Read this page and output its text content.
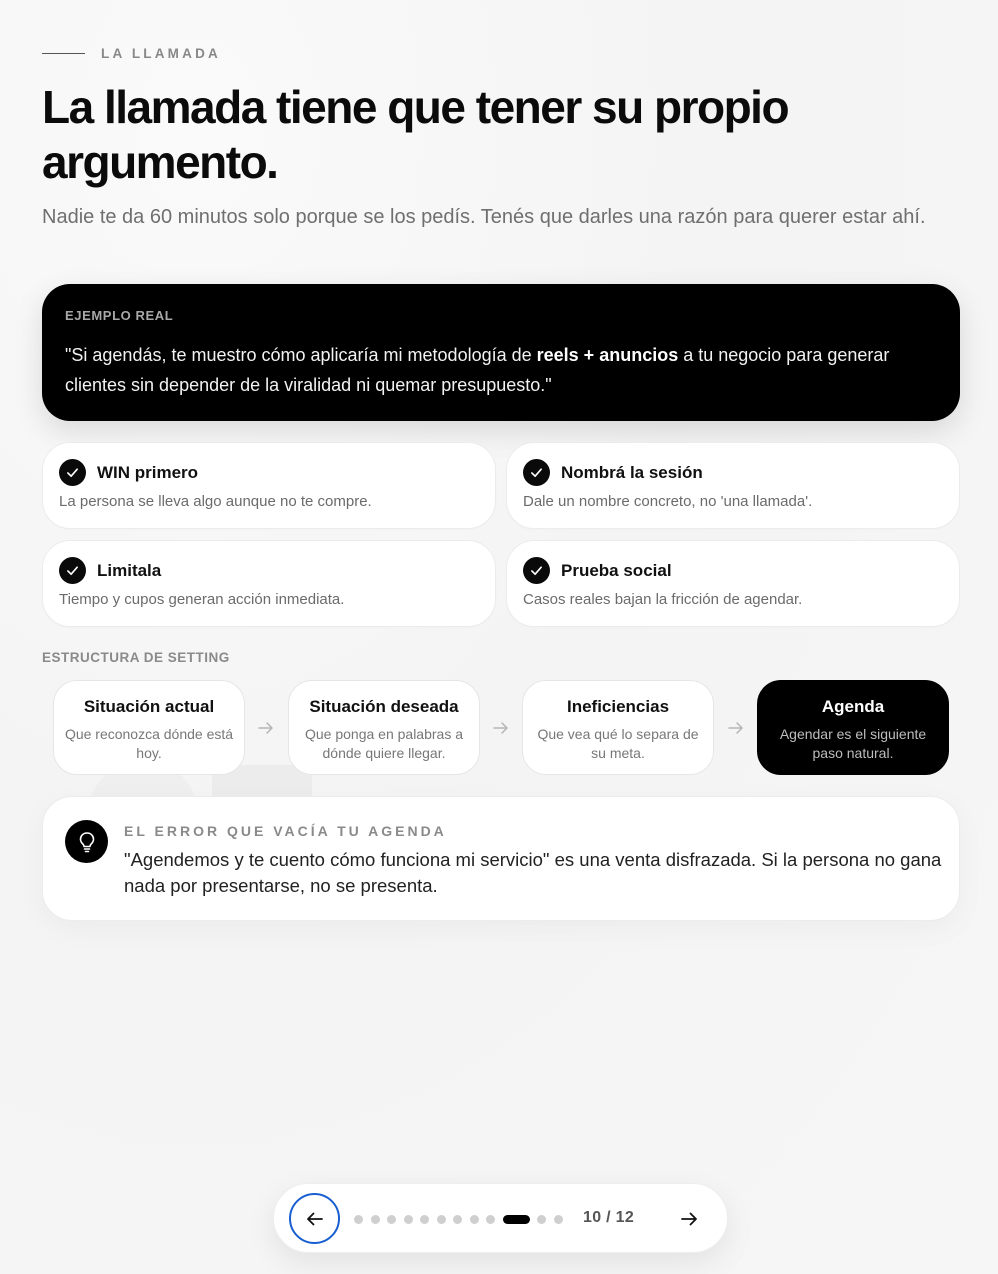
LA LLAMADA
La llamada tiene que tener su propio argumento.

Nadie te da 60 minutos solo porque se los pedís. Tenés que darles una razón para querer estar ahí.

EJEMPLO REAL

"Si agendás, te muestro cómo aplicaría mi metodología de reels + anuncios a tu negocio para generar clientes sin depender de la viralidad ni quemar presupuesto."

WIN primero
La persona se lleva algo aunque no te compre.
Nombrá la sesión
Dale un nombre concreto, no 'una llamada'.
Limitala
Tiempo y cupos generan acción inmediata.
Prueba social
Casos reales bajan la fricción de agendar.
ESTRUCTURA DE SETTING
Situación actual
Que reconozca dónde está hoy.
Situación deseada
Que ponga en palabras a dónde quiere llegar.
Ineficiencias
Que vea qué lo separa de su meta.
Agenda
Agendar es el siguiente paso natural.
EL ERROR QUE VACÍA TU AGENDA

"Agendemos y te cuento cómo funciona mi servicio" es una venta disfrazada. Si la persona no gana nada por presentarse, no se presenta.

10 / 12
